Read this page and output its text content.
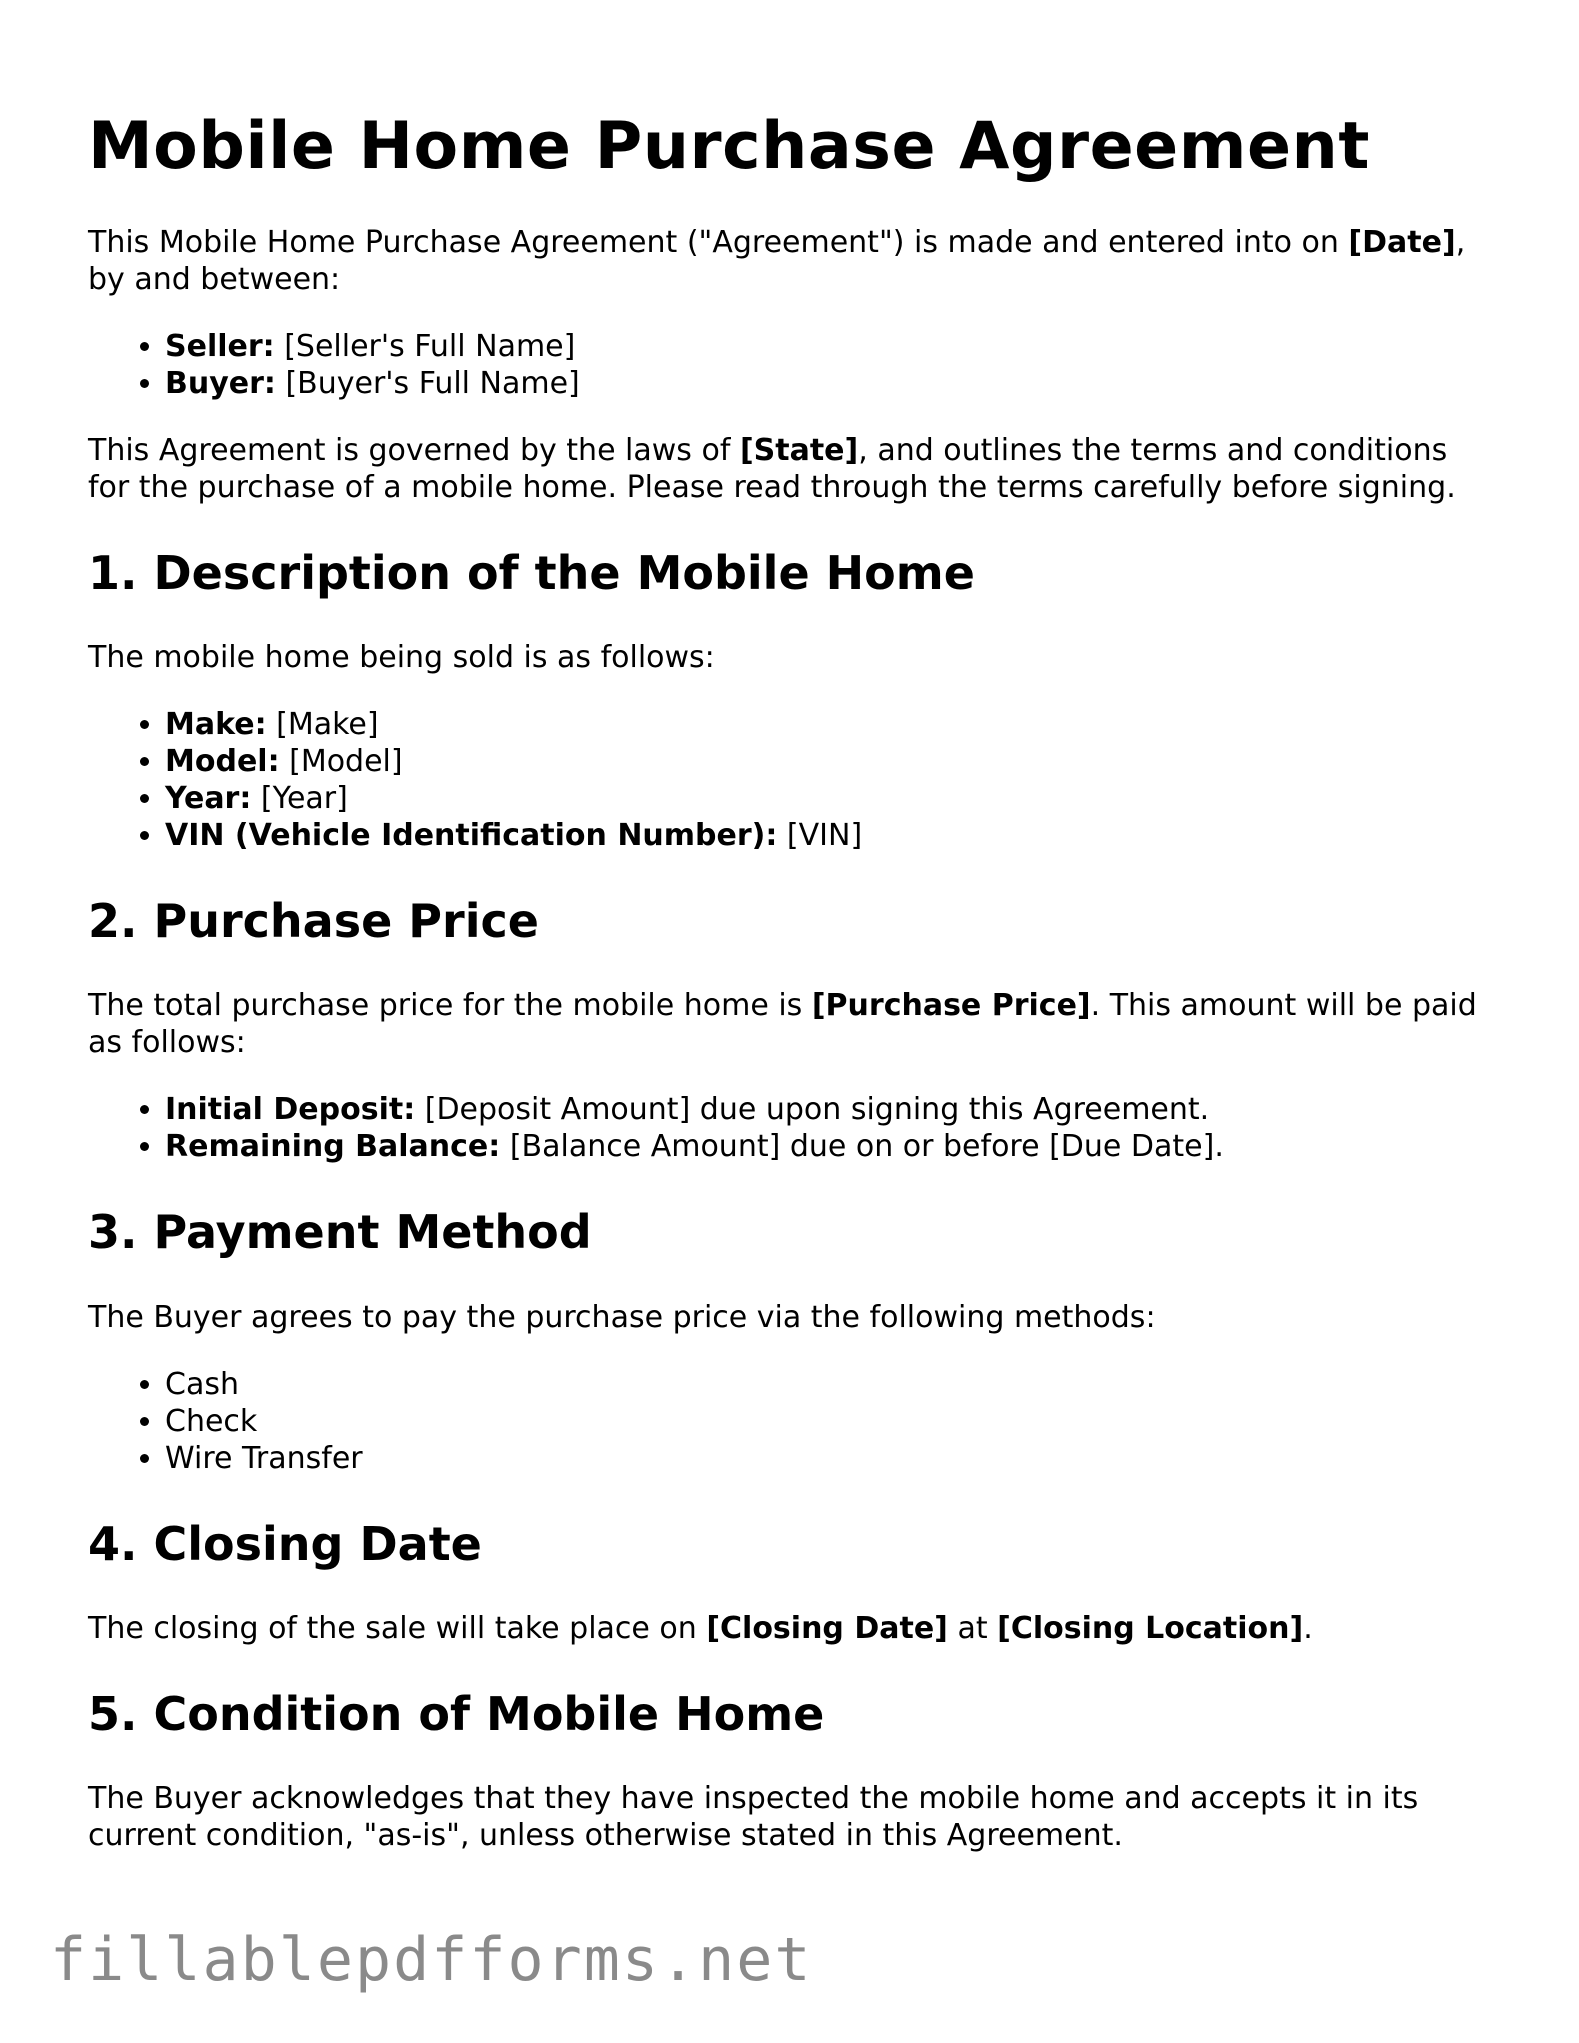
Mobile Home Purchase Agreement

This Mobile Home Purchase Agreement ("Agreement") is made and entered into on [Date], by and between:

• Seller: [Seller's Full Name]
• Buyer: [Buyer's Full Name]

This Agreement is governed by the laws of [State], and outlines the terms and conditions for the purchase of a mobile home. Please read through the terms carefully before signing.

1. Description of the Mobile Home

The mobile home being sold is as follows:

• Make: [Make]
• Model: [Model]
• Year: [Year]
• VIN (Vehicle Identification Number): [VIN]
2. Purchase Price

The total purchase price for the mobile home is [Purchase Price]. This amount will be paid as follows:

• Initial Deposit: [Deposit Amount] due upon signing this Agreement.
• Remaining Balance: [Balance Amount] due on or before [Due Date].
3. Payment Method

The Buyer agrees to pay the purchase price via the following methods:

• Cash
• Check
• Wire Transfer
4. Closing Date

The closing of the sale will take place on [Closing Date] at [Closing Location].

5. Condition of Mobile Home

The Buyer acknowledges that they have inspected the mobile home and accepts it in its current condition, "as-is", unless otherwise stated in this Agreement.

fillablepdfforms.net
